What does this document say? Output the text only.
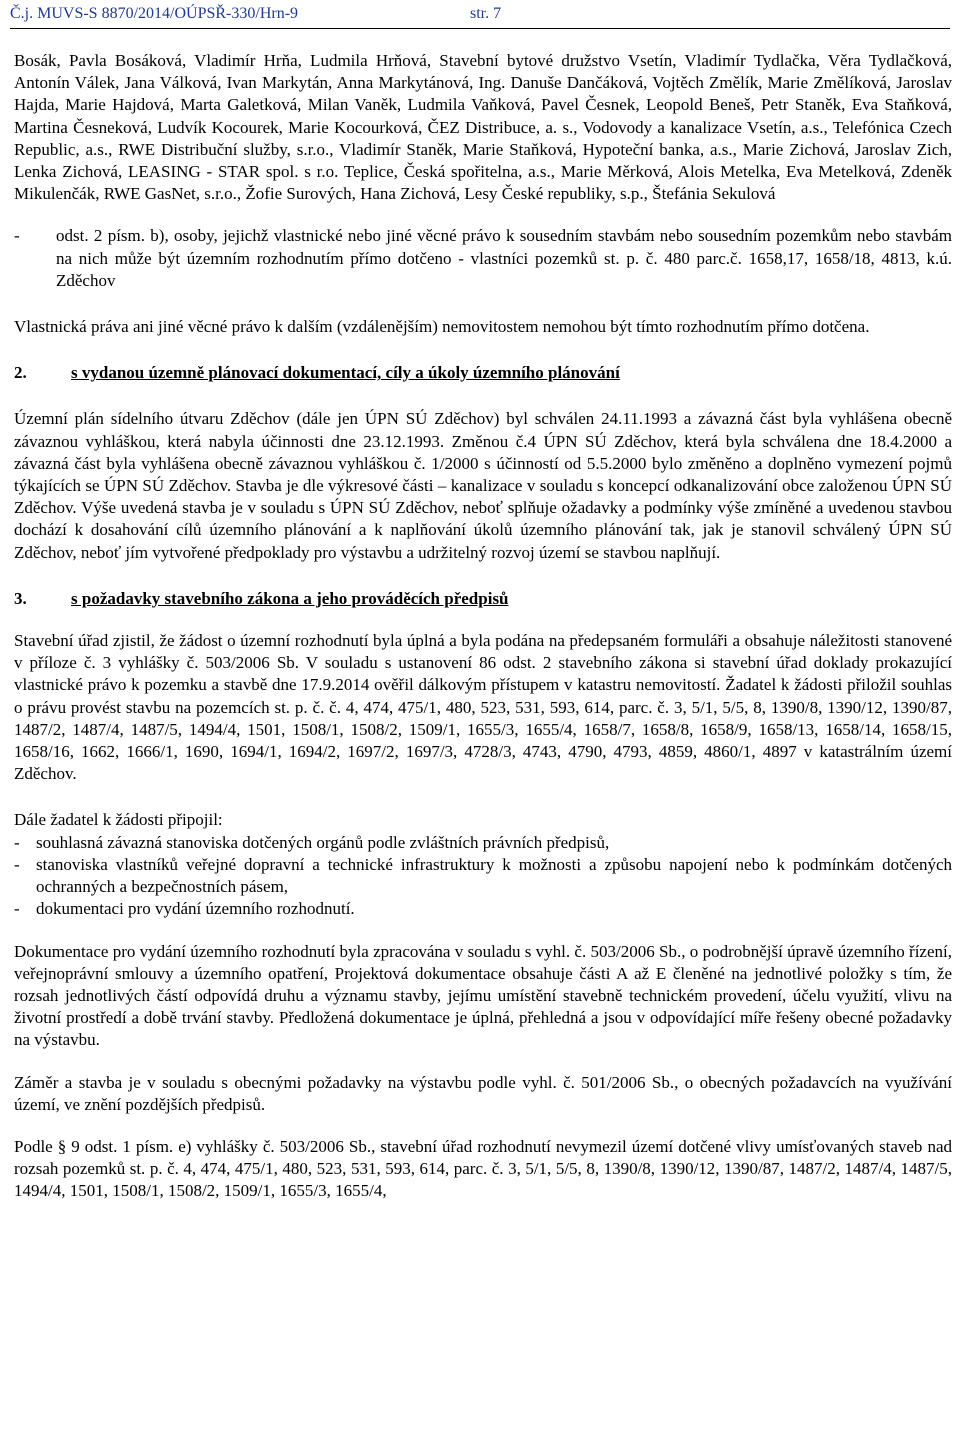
Č.j. MUVS-S 8870/2014/OÚPSŘ-330/Hrn-9	str. 7

Bosák, Pavla Bosáková, Vladimír Hrňa, Ludmila Hrňová, Stavební bytové družstvo Vsetín, Vladimír Tydlačka, Věra Tydlačková, Antonín Válek, Jana Válková, Ivan Markytán, Anna Markytánová, Ing. Danuše Dančáková, Vojtěch Změlík, Marie Změlíková, Jaroslav Hajda, Marie Hajdová, Marta Galetková, Milan Vaněk, Ludmila Vaňková, Pavel Česnek, Leopold Beneš, Petr Staněk, Eva Staňková, Martina Česneková, Ludvík Kocourek, Marie Kocourková, ČEZ Distribuce, a. s., Vodovody a kanalizace Vsetín, a.s., Telefónica Czech Republic, a.s., RWE Distribuční služby, s.r.o., Vladimír Staněk, Marie Staňková, Hypoteční banka, a.s., Marie Zichová, Jaroslav Zich, Lenka Zichová, LEASING - STAR spol. s r.o. Teplice, Česká spořitelna, a.s., Marie Měrková, Alois Metelka, Eva Metelková, Zdeněk Mikulenčák, RWE GasNet, s.r.o., Žofie Surových, Hana Zichová, Lesy České republiky, s.p., Štefánia Sekulová

-	odst. 2 písm. b), osoby, jejichž vlastnické nebo jiné věcné právo k sousedním stavbám nebo sousedním pozemkům nebo stavbám na nich může být územním rozhodnutím přímo dotčeno - vlastníci pozemků st. p. č. 480 parc.č. 1658,17, 1658/18, 4813, k.ú. Zděchov

Vlastnická práva ani jiné věcné právo k dalším (vzdálenějším) nemovitostem nemohou být tímto rozhodnutím přímo dotčena.

2.	s vydanou územně plánovací dokumentací, cíly a úkoly územního plánování

Územní plán sídelního útvaru Zděchov (dále jen ÚPN SÚ Zděchov) byl schválen 24.11.1993 a závazná část byla vyhlášena obecně závaznou vyhláškou, která nabyla účinnosti dne 23.12.1993. Změnou č.4 ÚPN SÚ Zděchov, která byla schválena dne 18.4.2000 a závazná část byla vyhlášena obecně závaznou vyhláškou č. 1/2000 s účinností od 5.5.2000 bylo změněno a doplněno vymezení pojmů týkajících se ÚPN SÚ Zděchov. Stavba je dle výkresové části – kanalizace v souladu s koncepcí odkanalizování obce založenou ÚPN SÚ Zděchov. Výše uvedená stavba je v souladu s ÚPN SÚ Zděchov, neboť splňuje ožadavky a podmínky výše zmíněné a uvedenou stavbou dochází k dosahování cílů územního plánování a k naplňování úkolů územního plánování tak, jak je stanovil schválený ÚPN SÚ Zděchov, neboť jím vytvořené předpoklady pro výstavbu a udržitelný rozvoj území se stavbou naplňují.

3.	s požadavky stavebního zákona a jeho prováděcích předpisů

Stavební úřad zjistil, že žádost o územní rozhodnutí byla úplná a byla podána na předepsaném formuláři a obsahuje náležitosti stanovené v příloze č. 3 vyhlášky č. 503/2006 Sb. V souladu s ustanovení 86 odst. 2 stavebního zákona si stavební úřad doklady prokazující vlastnické právo k pozemku a stavbě dne 17.9.2014 ověřil dálkovým přístupem v katastru nemovitostí. Žadatel k žádosti přiložil souhlas o právu provést stavbu na pozemcích st. p. č. č. 4, 474, 475/1, 480, 523, 531, 593, 614, parc. č. 3, 5/1, 5/5, 8, 1390/8, 1390/12, 1390/87, 1487/2, 1487/4, 1487/5, 1494/4, 1501, 1508/1, 1508/2, 1509/1, 1655/3, 1655/4, 1658/7, 1658/8, 1658/9, 1658/13, 1658/14, 1658/15, 1658/16, 1662, 1666/1, 1690, 1694/1, 1694/2, 1697/2, 1697/3, 4728/3, 4743, 4790, 4793, 4859, 4860/1, 4897 v katastrálním území Zděchov.

Dále žadatel k žádosti připojil:

- souhlasná závazná stanoviska dotčených orgánů podle zvláštních právních předpisů,
- stanoviska vlastníků veřejné dopravní a technické infrastruktury k možnosti a způsobu napojení nebo k podmínkám dotčených ochranných a bezpečnostních pásem,
- dokumentaci pro vydání územního rozhodnutí.

Dokumentace pro vydání územního rozhodnutí byla zpracována v souladu s vyhl. č. 503/2006 Sb., o podrobnější úpravě územního řízení, veřejnoprávní smlouvy a územního opatření, Projektová dokumentace obsahuje části A až E členěné na jednotlivé položky s tím, že rozsah jednotlivých částí odpovídá druhu a významu stavby, jejímu umístění stavebně technickém provedení, účelu využití, vlivu na životní prostředí a době trvání stavby. Předložená dokumentace je úplná, přehledná a jsou v odpovídající míře řešeny obecné požadavky na výstavbu.

Záměr a stavba je v souladu s obecnými požadavky na výstavbu podle vyhl. č. 501/2006 Sb., o obecných požadavcích na využívání území, ve znění pozdějších předpisů.

Podle § 9 odst. 1 písm. e) vyhlášky č. 503/2006 Sb., stavební úřad rozhodnutí nevymezil území dotčené vlivy umísťovaných staveb nad rozsah pozemků st. p. č. 4, 474, 475/1, 480, 523, 531, 593, 614, parc. č. 3, 5/1, 5/5, 8, 1390/8, 1390/12, 1390/87, 1487/2, 1487/4, 1487/5, 1494/4, 1501, 1508/1, 1508/2, 1509/1, 1655/3, 1655/4,
